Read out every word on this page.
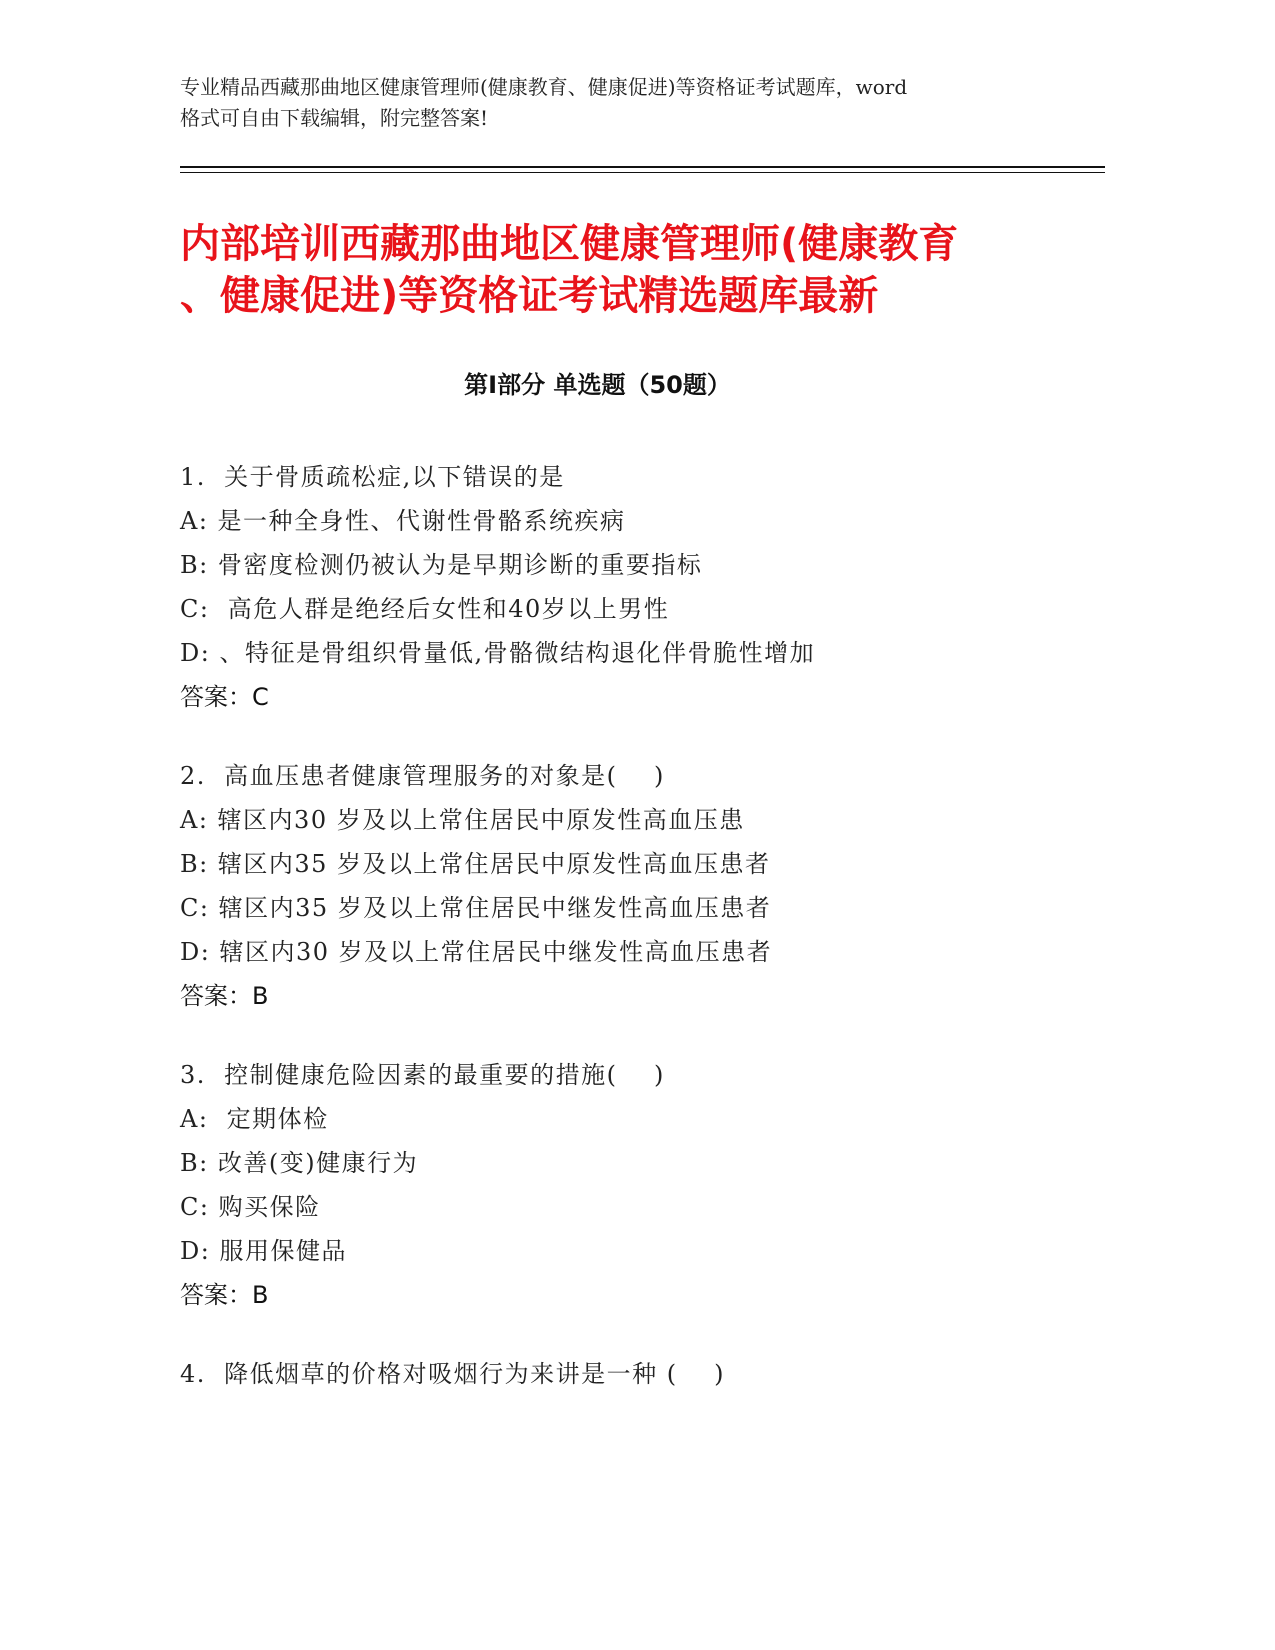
专业精品西藏那曲地区健康管理师(健康教育、健康促进)等资格证考试题库，word
格式可自由下载编辑，附完整答案!

内部培训西藏那曲地区健康管理师(健康教育
、健康促进)等资格证考试精选题库最新
第Ⅰ部分 单选题（50题）
1.  关于骨质疏松症,以下错误的是
A: 是一种全身性、代谢性骨骼系统疾病
B: 骨密度检测仍被认为是早期诊断的重要指标
C:  高危人群是绝经后女性和40岁以上男性
D: 、特征是骨组织骨量低,骨骼微结构退化伴骨脆性增加
答案：C
2.  高血压患者健康管理服务的对象是(    )
A: 辖区内30 岁及以上常住居民中原发性高血压患
B: 辖区内35 岁及以上常住居民中原发性高血压患者
C: 辖区内35 岁及以上常住居民中继发性高血压患者
D: 辖区内30 岁及以上常住居民中继发性高血压患者
答案：B
3.  控制健康危险因素的最重要的措施(    )
A:  定期体检
B: 改善(变)健康行为
C: 购买保险
D: 服用保健品
答案：B
4.  降低烟草的价格对吸烟行为来讲是一种 (    )
